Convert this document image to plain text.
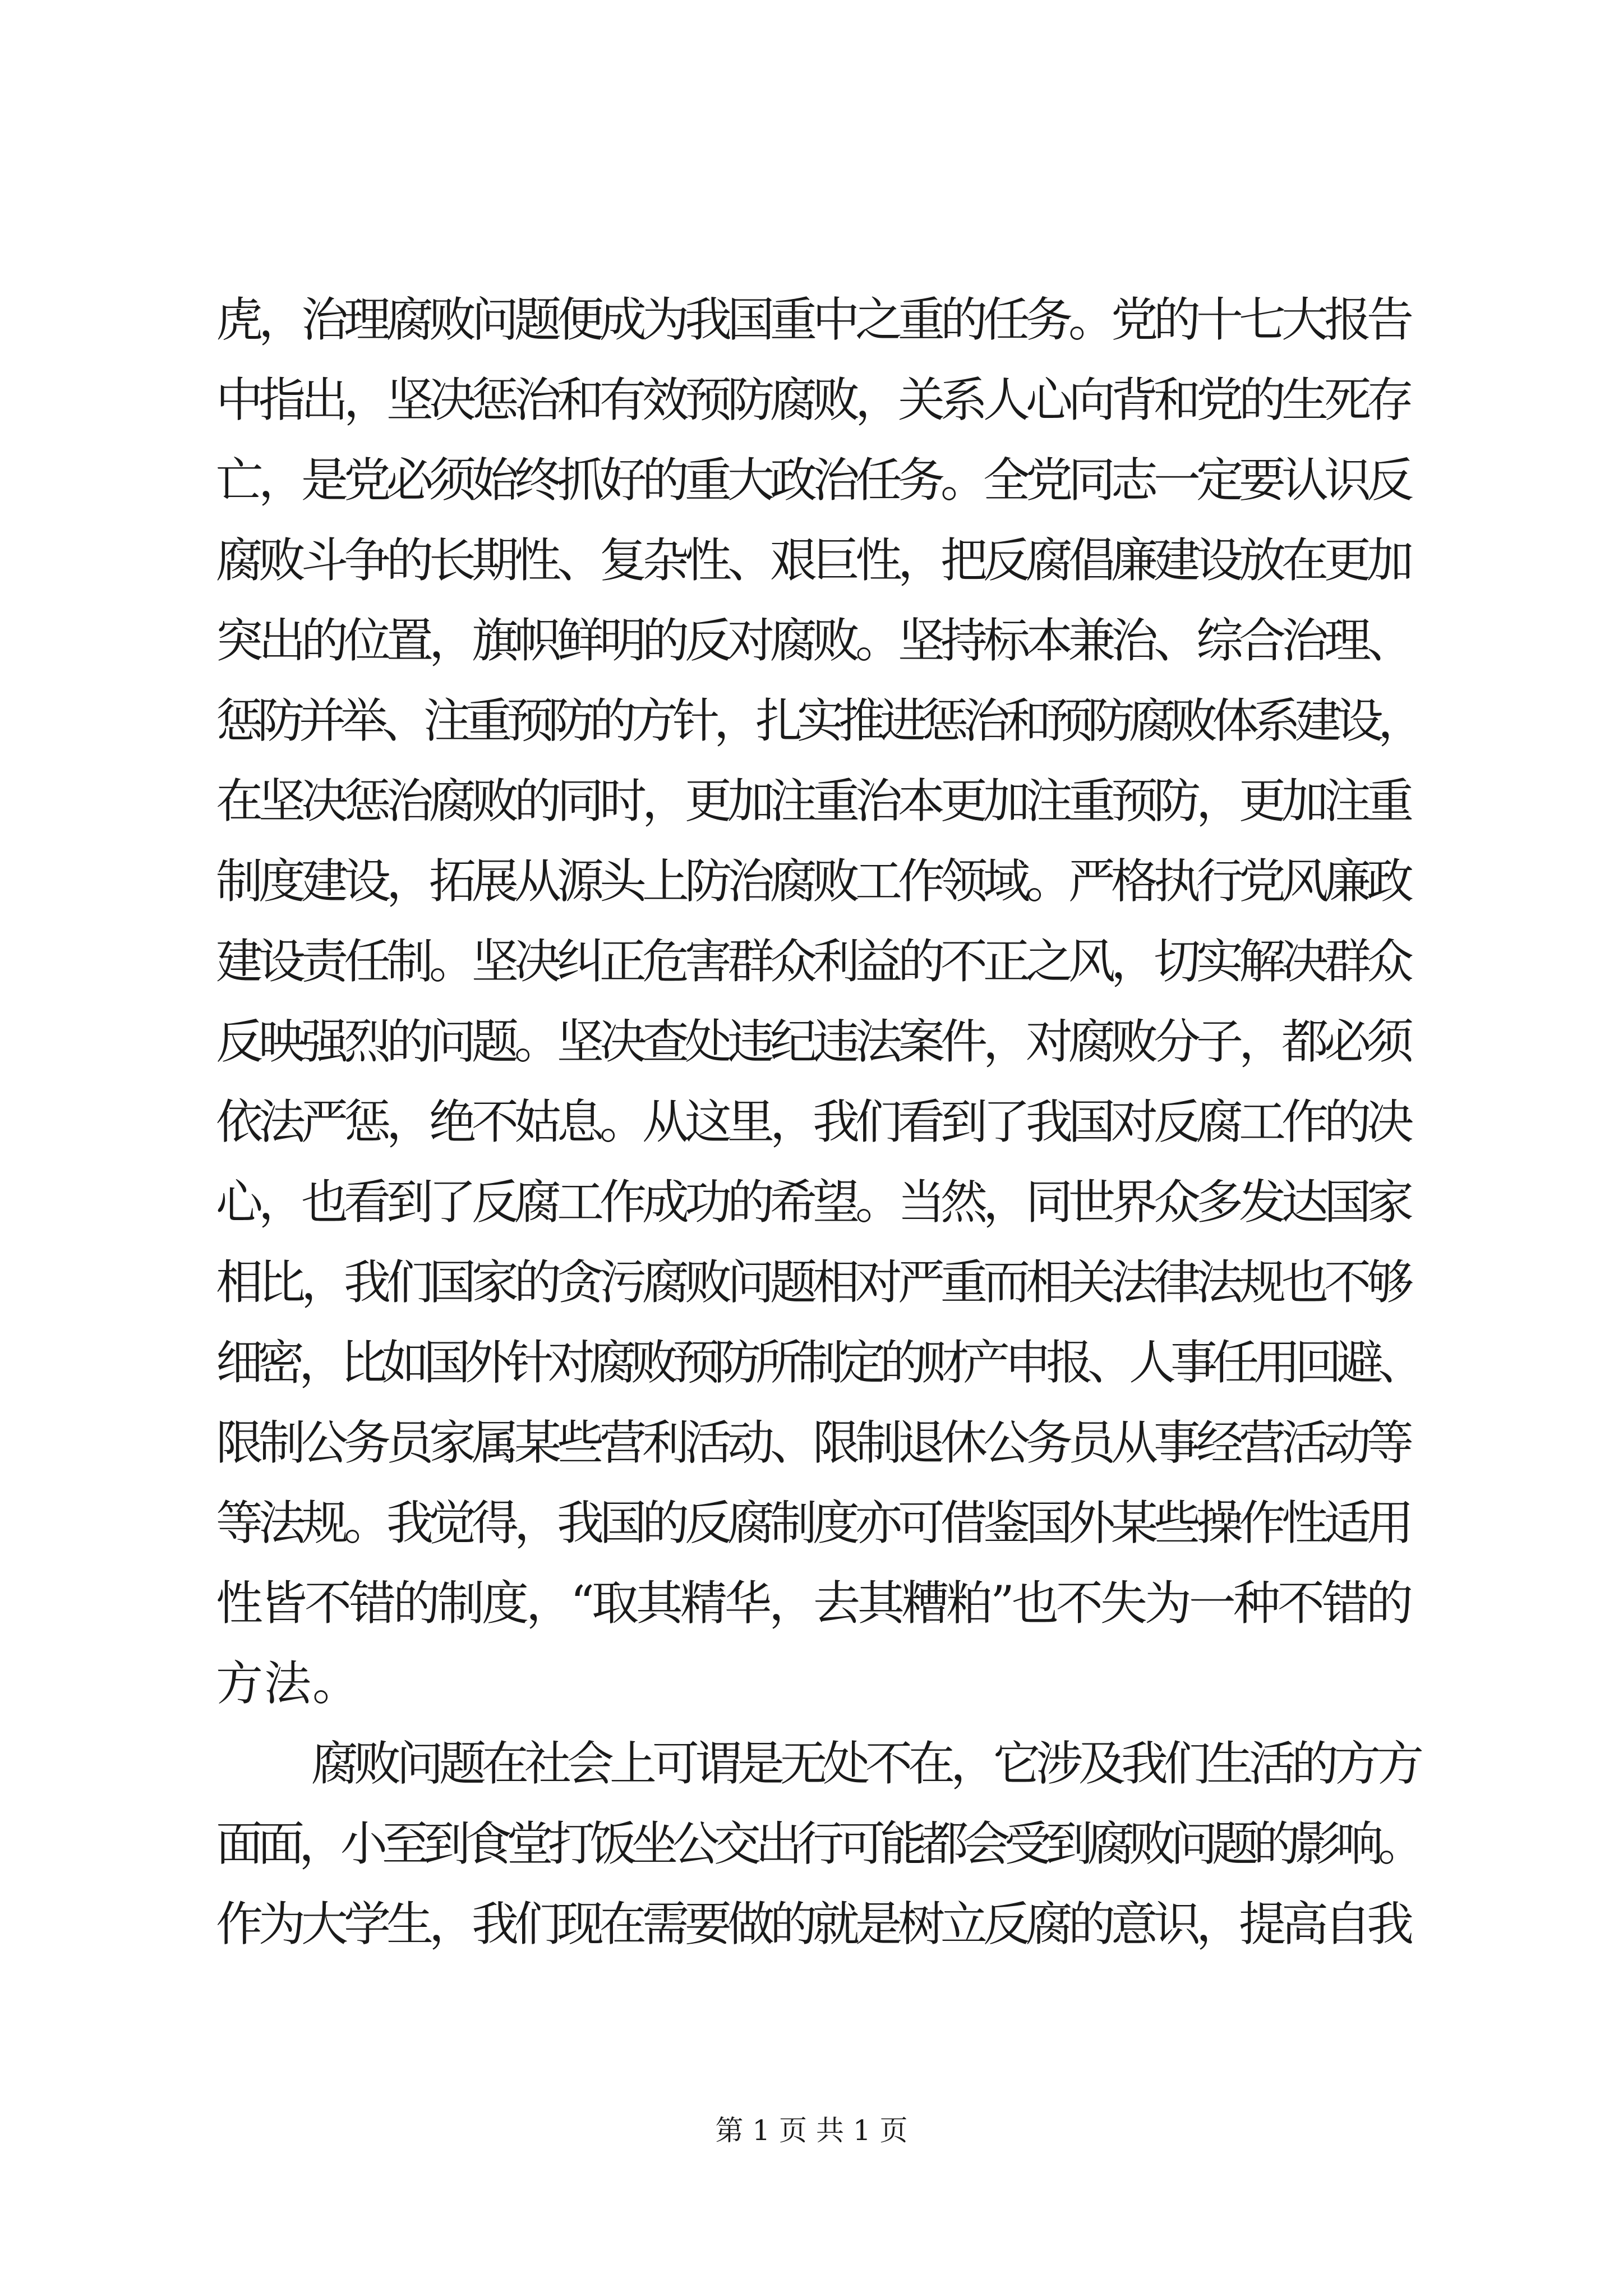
虎，治理腐败问题便成为我国重中之重的任务。党的十七大报告
中指出，坚决惩治和有效预防腐败，关系人心向背和党的生死存
亡，是党必须始终抓好的重大政治任务。全党同志一定要认识反
腐败斗争的长期性、复杂性、艰巨性，把反腐倡廉建设放在更加
突出的位置，旗帜鲜明的反对腐败。坚持标本兼治、综合治理、
惩防并举、注重预防的方针，扎实推进惩治和预防腐败体系建设，
在坚决惩治腐败的同时，更加注重治本更加注重预防，更加注重
制度建设，拓展从源头上防治腐败工作领域。严格执行党风廉政
建设责任制。坚决纠正危害群众利益的不正之风，切实解决群众
反映强烈的问题。坚决查处违纪违法案件，对腐败分子，都必须
依法严惩，绝不姑息。从这里，我们看到了我国对反腐工作的决
心，也看到了反腐工作成功的希望。当然，同世界众多发达国家
相比，我们国家的贪污腐败问题相对严重而相关法律法规也不够
细密，比如国外针对腐败预防所制定的财产申报、人事任用回避、
限制公务员家属某些营利活动、限制退休公务员从事经营活动等
等法规。我觉得，我国的反腐制度亦可借鉴国外某些操作性适用
性皆不错的制度，“取其精华，去其糟粕”也不失为一种不错的
方法。
腐败问题在社会上可谓是无处不在，它涉及我们生活的方方
面面，小至到食堂打饭坐公交出行可能都会受到腐败问题的影响。
作为大学生，我们现在需要做的就是树立反腐的意识，提高自我
第 1 页 共 1 页
